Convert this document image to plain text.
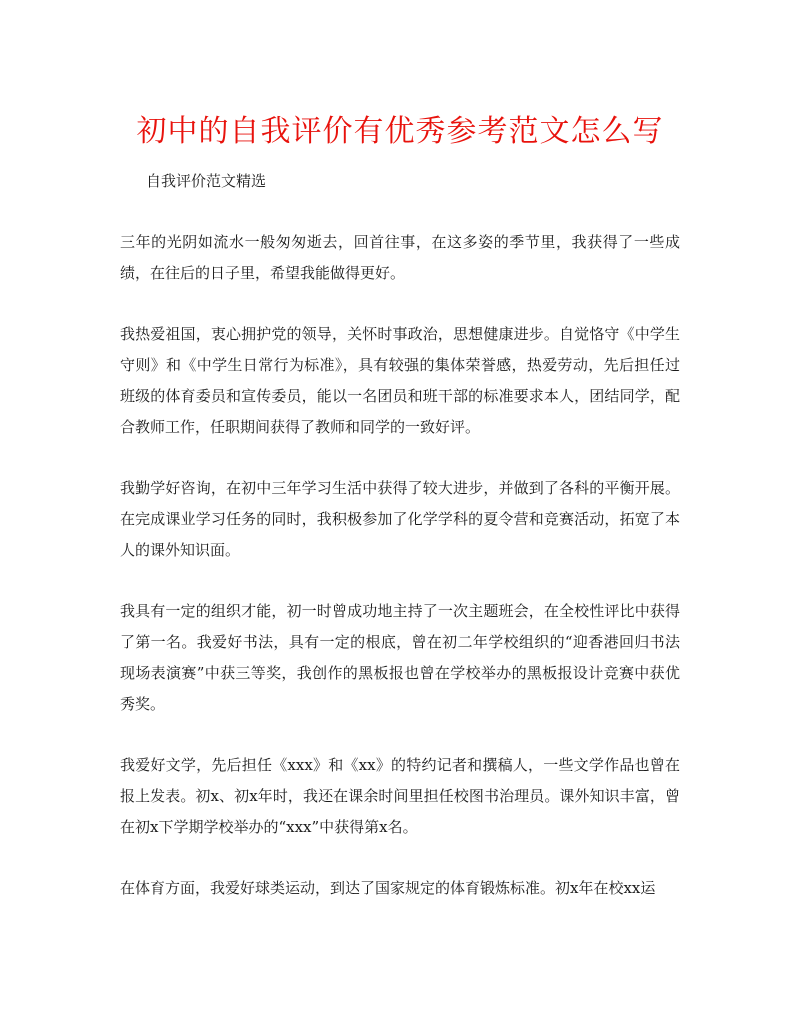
初中的自我评价有优秀参考范文怎么写
自我评价范文精选

三年的光阴如流水一般匆匆逝去，回首往事，在这多姿的季节里，我获得了一些成绩，在往后的日子里，希望我能做得更好。

我热爱祖国，衷心拥护党的领导，关怀时事政治，思想健康进步。自觉恪守《中学生守则》和《中学生日常行为标准》，具有较强的集体荣誉感，热爱劳动，先后担任过班级的体育委员和宣传委员，能以一名团员和班干部的标准要求本人，团结同学，配合教师工作，任职期间获得了教师和同学的一致好评。

我勤学好咨询，在初中三年学习生活中获得了较大进步，并做到了各科的平衡开展。在完成课业学习任务的同时，我积极参加了化学学科的夏令营和竞赛活动，拓宽了本人的课外知识面。

我具有一定的组织才能，初一时曾成功地主持了一次主题班会，在全校性评比中获得了第一名。我爱好书法，具有一定的根底，曾在初二年学校组织的“迎香港回归书法现场表演赛”中获三等奖，我创作的黑板报也曾在学校举办的黑板报设计竞赛中获优秀奖。

我爱好文学，先后担任《xxx》和《xx》的特约记者和撰稿人，一些文学作品也曾在报上发表。初x、初x年时，我还在课余时间里担任校图书治理员。课外知识丰富，曾在初x下学期学校举办的“xxx”中获得第x名。

在体育方面，我爱好球类运动，到达了国家规定的体育锻炼标准。初x年在校xx运
